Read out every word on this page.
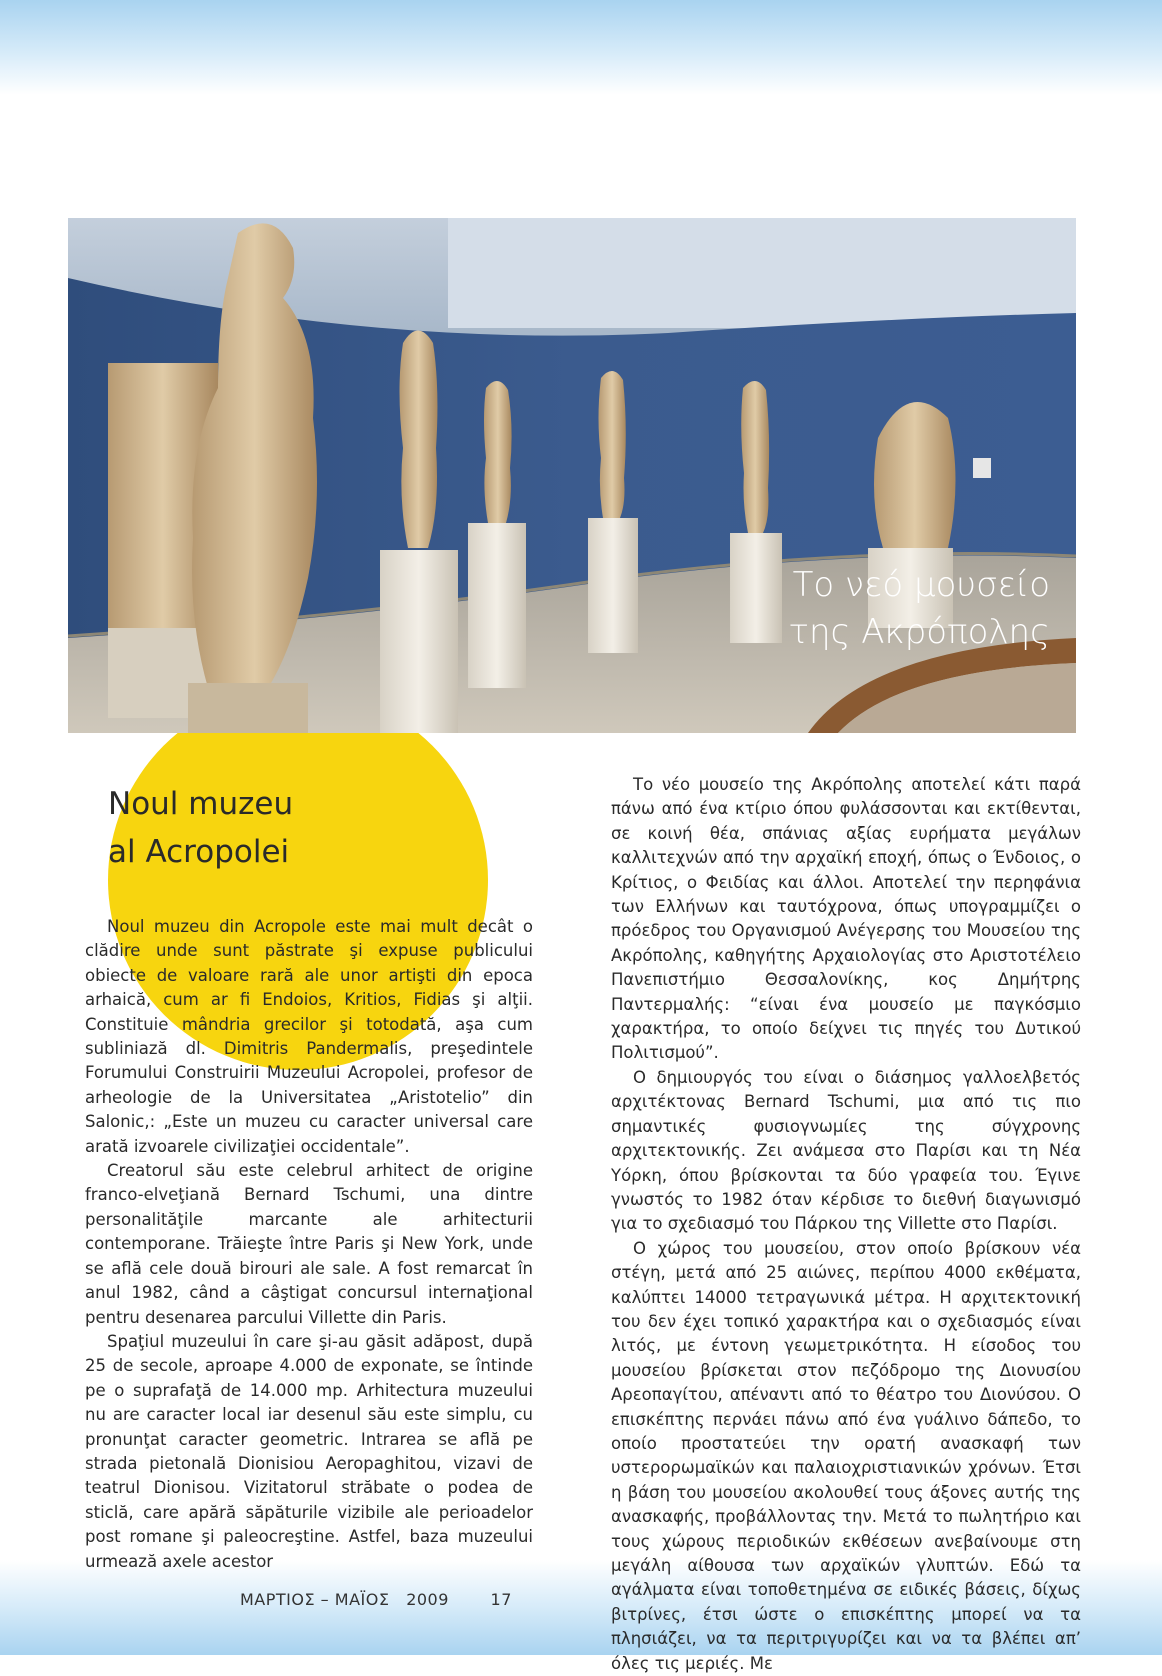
Το νεό μουσείο
της Ακρόπολης
Noul muzeu
al Acropolei

Noul muzeu din Acropole este mai mult decât o clădire unde sunt păstrate şi expuse publicului obiecte de valoare rară ale unor artişti din epoca arhaică, cum ar fi Endoios, Kritios, Fidias şi alţii. Constituie mândria grecilor şi totodată, aşa cum subliniază dl. Dimitris Pandermalis, preşedintele Forumului Construirii Muzeului Acropolei, profesor de arheologie de la Universitatea „Aristotelio” din Salonic,: „Este un muzeu cu caracter universal care arată izvoarele civilizaţiei occidentale”.

Creatorul său este celebrul arhitect de origine franco-elveţiană Bernard Tschumi, una dintre personalităţile marcante ale arhitecturii contemporane. Trăieşte între Paris şi New York, unde se află cele două birouri ale sale. A fost remarcat în anul 1982, când a câştigat concursul internaţional pentru desenarea parcului Villette din Paris.

Spaţiul muzeului în care şi-au găsit adăpost, după 25 de secole, aproape 4.000 de exponate, se întinde pe o suprafaţă de 14.000 mp. Arhitectura muzeului nu are caracter local iar desenul său este simplu, cu pronunţat caracter geometric. Intrarea se află pe strada pietonală Dionisiou Aeropaghitou, vizavi de teatrul Dionisou. Vizitatorul străbate o podea de sticlă, care apără săpăturile vizibile ale perioadelor post romane şi paleocreştine. Astfel, baza muzeului urmează axele acestor

Το νέο μουσείο της Ακρόπολης αποτελεί κάτι παρά πάνω από ένα κτίριο όπου φυλάσσονται και εκτίθενται, σε κοινή θέα, σπάνιας αξίας ευρήματα μεγάλων καλλιτεχνών από την αρχαϊκή εποχή, όπως ο Ένδοιος, ο Κρίτιος, ο Φειδίας και άλλοι. Αποτελεί την περηφάνια των Ελλήνων και ταυτόχρονα, όπως υπογραμμίζει ο πρόεδρος του Οργανισμού Ανέγερσης του Μουσείου της Ακρόπολης, καθηγήτης Αρχαιολογίας στο Αριστοτέλειο Πανεπιστήμιο Θεσσαλονίκης, κος Δημήτρης Παντερμαλής: “είναι ένα μουσείο με παγκόσμιο χαρακτήρα, το οποίο δείχνει τις πηγές του Δυτικού Πολιτισμού”.

Ο δημιουργός του είναι ο διάσημος γαλλοελβετός αρχιτέκτονας Bernard Tschumi, μια από τις πιο σημαντικές φυσιογνωμίες της σύγχρονης αρχιτεκτονικής. Ζει ανάμεσα στο Παρίσι και τη Νέα Υόρκη, όπου βρίσκονται τα δύο γραφεία του. Έγινε γνωστός το 1982 όταν κέρδισε το διεθνή διαγωνισμό για το σχεδιασμό του Πάρκου της Villette στο Παρίσι.

Ο χώρος του μουσείου, στον οποίο βρίσκουν νέα στέγη, μετά από 25 αιώνες, περίπου 4000 εκθέματα, καλύπτει 14000 τετραγωνικά μέτρα. Η αρχιτεκτονική του δεν έχει τοπικό χαρακτήρα και ο σχεδιασμός είναι λιτός, με έντονη γεωμετρικότητα. Η είσοδος του μουσείου βρίσκεται στον πεζόδρομο της Διονυσίου Αρεοπαγίτου, απέναντι από το θέατρο του Διονύσου. Ο επισκέπτης περνάει πάνω από ένα γυάλινο δάπεδο, το οποίο προστατεύει την ορατή ανασκαφή των υστερορωμαϊκών και παλαιοχριστιανικών χρόνων. Έτσι η βάση του μουσείου ακολουθεί τους άξονες αυτής της ανασκαφής, προβάλλοντας την. Μετά το πωλητήριο και τους χώρους περιοδικών εκθέσεων ανεβαίνουμε στη μεγάλη αίθουσα των αρχαϊκών γλυπτών. Εδώ τα αγάλματα είναι τοποθετημένα σε ειδικές βάσεις, δίχως βιτρίνες, έτσι ώστε ο επισκέπτης μπορεί να τα πλησιάζει, να τα περιτριγυρίζει και να τα βλέπει απ’ όλες τις μεριές. Με

ΜΑΡΤΙΟΣ – ΜΑΪΟΣ   2009	17
